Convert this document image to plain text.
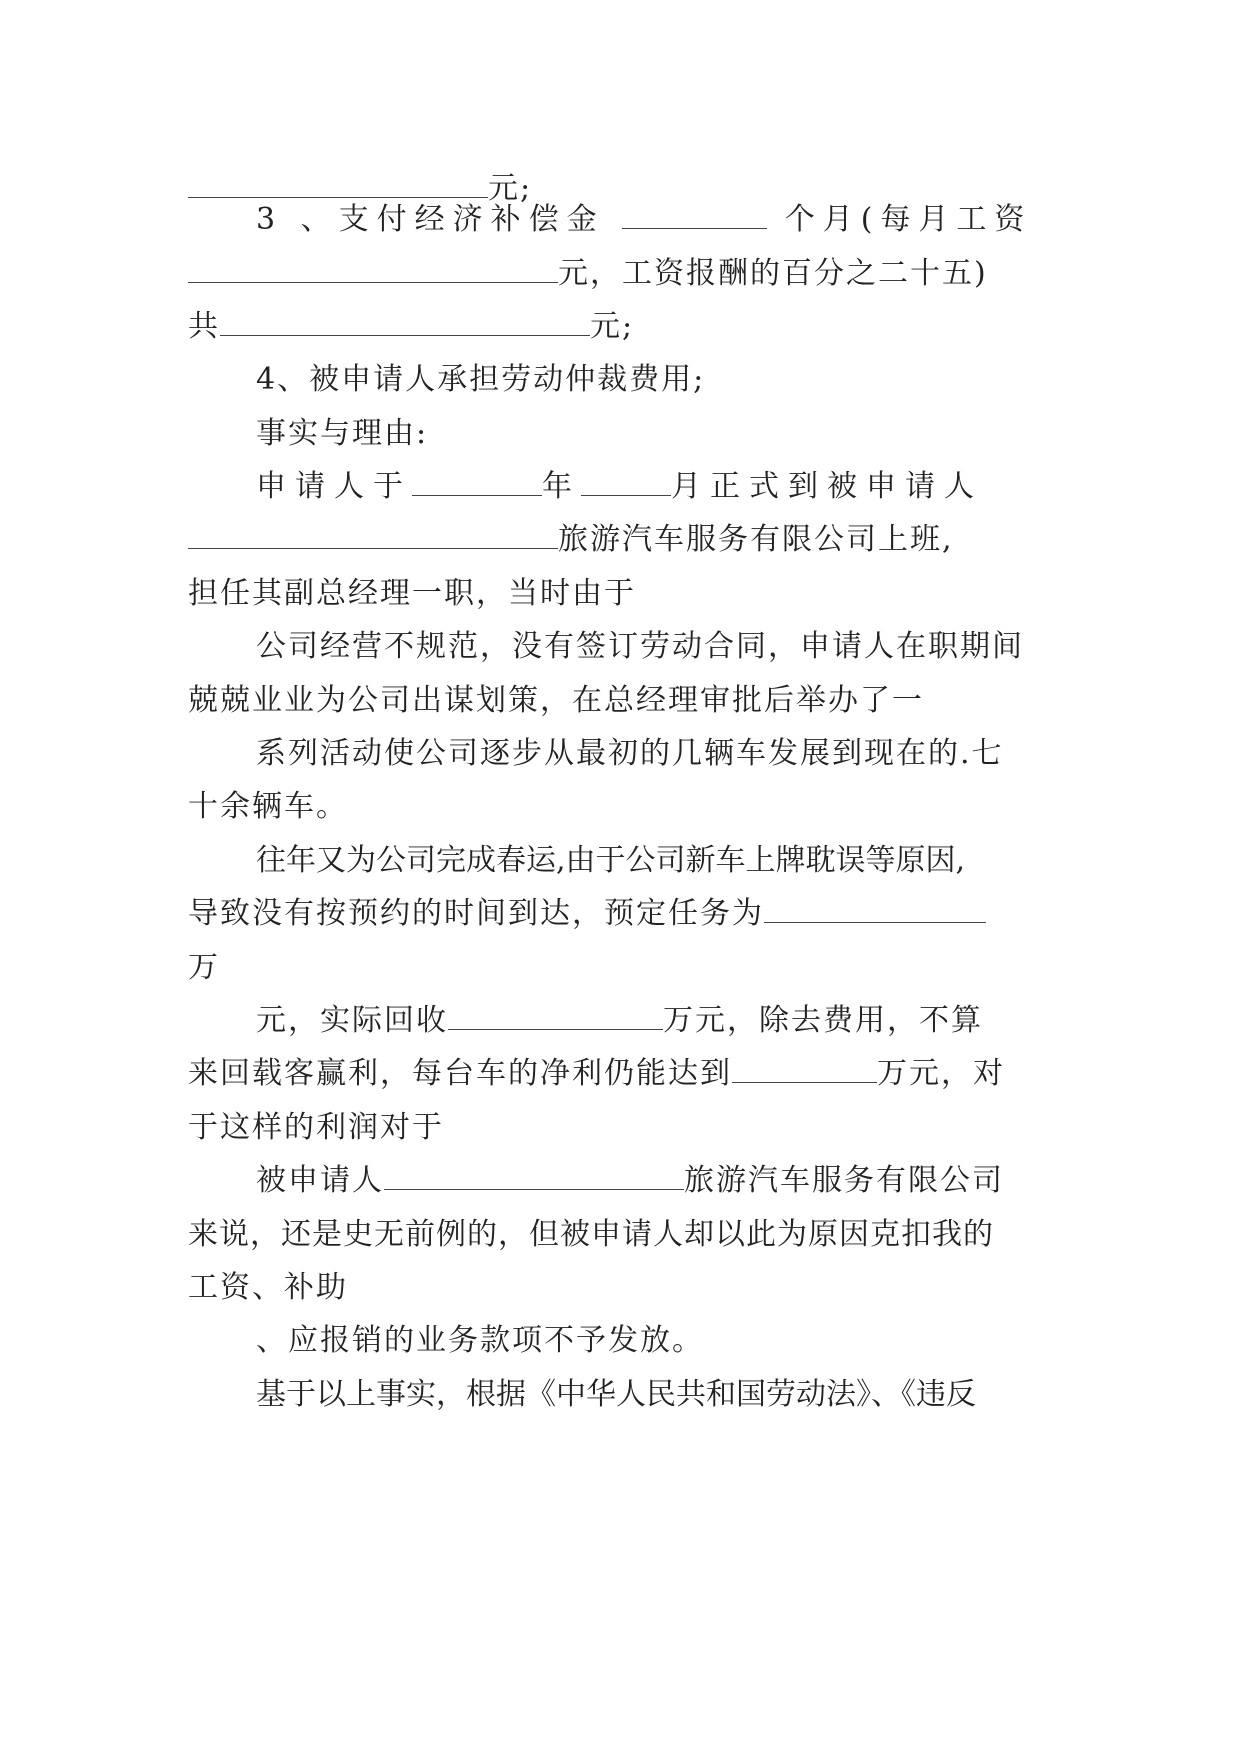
元;
3 、支付经济补偿金	个月(每月工资
元，工资报酬的百分之二十五)
共	元;
4、被申请人承担劳动仲裁费用;
事实与理由:
申请人于	年	月正式到被申请人
旅游汽车服务有限公司上班,
担任其副总经理一职，当时由于
公司经营不规范，没有签订劳动合同，申请人在职期间
兢兢业业为公司出谋划策，在总经理审批后举办了一
系列活动使公司逐步从最初的几辆车发展到现在的.七
十余辆车。
往年又为公司完成春运,由于公司新车上牌耽误等原因,
导致没有按预约的时间到达，预定任务为
万
元，实际回收	万元，除去费用，不算
来回载客赢利，每台车的净利仍能达到	万元，对
于这样的利润对于
被申请人	旅游汽车服务有限公司
来说，还是史无前例的，但被申请人却以此为原因克扣我的
工资、补助
、应报销的业务款项不予发放。
基于以上事实，根据《中华人民共和国劳动法》、《违反
